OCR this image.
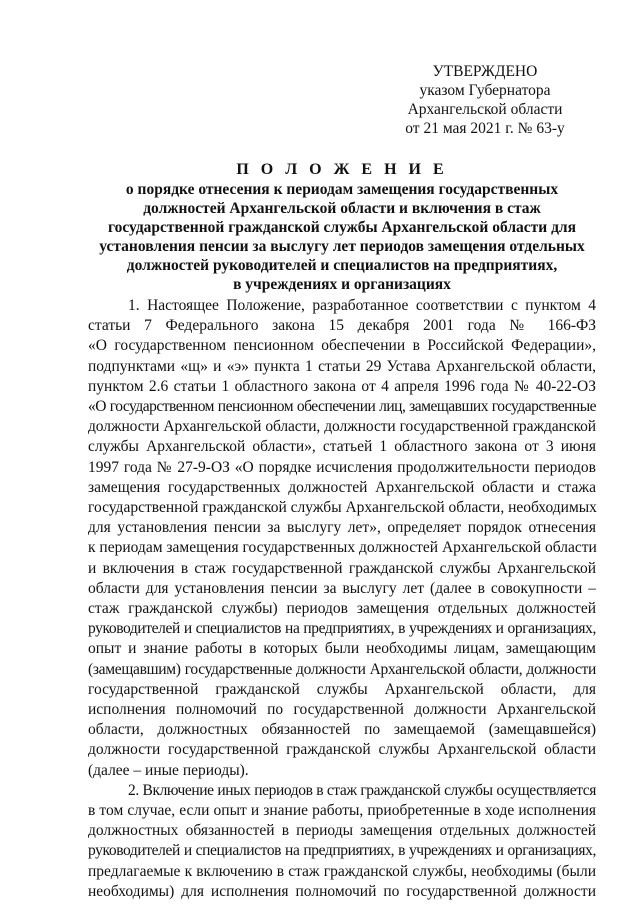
УТВЕРЖДЕНО
указом Губернатора
Архангельской области
от 21 мая 2021 г. № 63-у
П О Л О Ж Е Н И Е
о порядке отнесения к периодам замещения государственных
должностей Архангельской области и включения в стаж
государственной гражданской службы Архангельской области для
установления пенсии за выслугу лет периодов замещения отдельных
должностей руководителей и специалистов на предприятиях,
в учреждениях и организациях
1. Настоящее Положение, разработанное соответствии с пунктом 4
статьи 7 Федерального закона 15 декабря 2001 года № 166-ФЗ
«О государственном пенсионном обеспечении в Российской Федерации»,
подпунктами «щ» и «э» пункта 1 статьи 29 Устава Архангельской области,
пунктом 2.6 статьи 1 областного закона от 4 апреля 1996 года № 40-22-ОЗ
«О государственном пенсионном обеспечении лиц, замещавших государственные
должности Архангельской области, должности государственной гражданской
службы Архангельской области», статьей 1 областного закона от 3 июня
1997 года № 27-9-ОЗ «О порядке исчисления продолжительности периодов
замещения государственных должностей Архангельской области и стажа
государственной гражданской службы Архангельской области, необходимых
для установления пенсии за выслугу лет», определяет порядок отнесения
к периодам замещения государственных должностей Архангельской области
и включения в стаж государственной гражданской службы Архангельской
области для установления пенсии за выслугу лет (далее в совокупности –
стаж гражданской службы) периодов замещения отдельных должностей
руководителей и специалистов на предприятиях, в учреждениях и организациях,
опыт и знание работы в которых были необходимы лицам, замещающим
(замещавшим) государственные должности Архангельской области, должности
государственной гражданской службы Архангельской области, для
исполнения полномочий по государственной должности Архангельской
области, должностных обязанностей по замещаемой (замещавшейся)
должности государственной гражданской службы Архангельской области
(далее – иные периоды).
2. Включение иных периодов в стаж гражданской службы осуществляется
в том случае, если опыт и знание работы, приобретенные в ходе исполнения
должностных обязанностей в периоды замещения отдельных должностей
руководителей и специалистов на предприятиях, в учреждениях и организациях,
предлагаемые к включению в стаж гражданской службы, необходимы (были
необходимы) для исполнения полномочий по государственной должности
